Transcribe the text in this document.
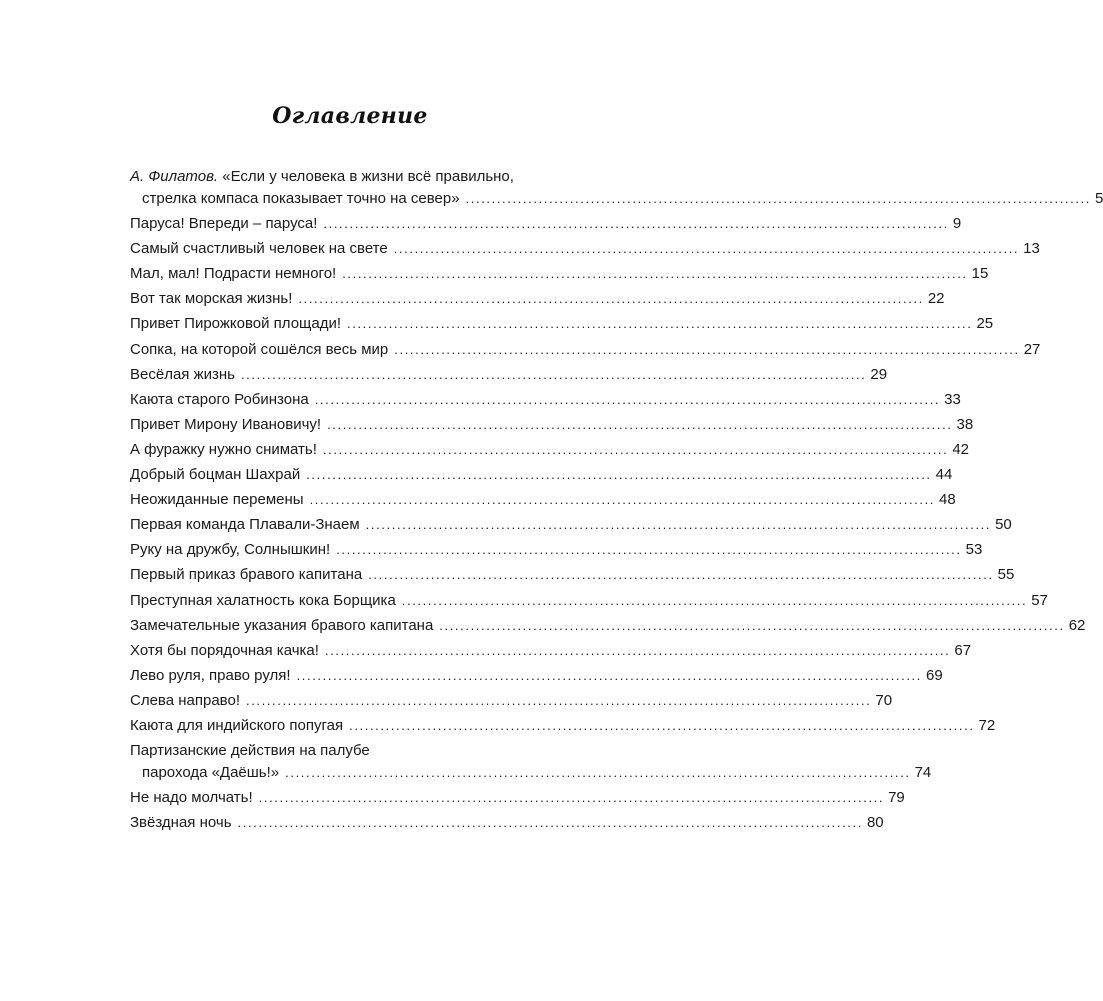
Оглавление
А. Филатов. «Если у человека в жизни всё правильно,
стрелка компаса показывает точно на север» ........................................................................................................................ 5
Паруса! Впереди – паруса! ........................................................................................................................ 9
Самый счастливый человек на свете ........................................................................................................................ 13
Мал, мал! Подрасти немного! ........................................................................................................................ 15
Вот так морская жизнь! ........................................................................................................................ 22
Привет Пирожковой площади! ........................................................................................................................ 25
Сопка, на которой сошёлся весь мир ........................................................................................................................ 27
Весёлая жизнь ........................................................................................................................ 29
Каюта старого Робинзона ........................................................................................................................ 33
Привет Мирону Ивановичу! ........................................................................................................................ 38
А фуражку нужно снимать! ........................................................................................................................ 42
Добрый боцман Шахрай ........................................................................................................................ 44
Неожиданные перемены ........................................................................................................................ 48
Первая команда Плавали-Знаем ........................................................................................................................ 50
Руку на дружбу, Солнышкин! ........................................................................................................................ 53
Первый приказ бравого капитана ........................................................................................................................ 55
Преступная халатность кока Борщика ........................................................................................................................ 57
Замечательные указания бравого капитана ........................................................................................................................ 62
Хотя бы порядочная качка! ........................................................................................................................ 67
Лево руля, право руля! ........................................................................................................................ 69
Слева направо! ........................................................................................................................ 70
Каюта для индийского попугая ........................................................................................................................ 72
Партизанские действия на палубе
парохода «Даёшь!» ........................................................................................................................ 74
Не надо молчать! ........................................................................................................................ 79
Звёздная ночь ........................................................................................................................ 80
